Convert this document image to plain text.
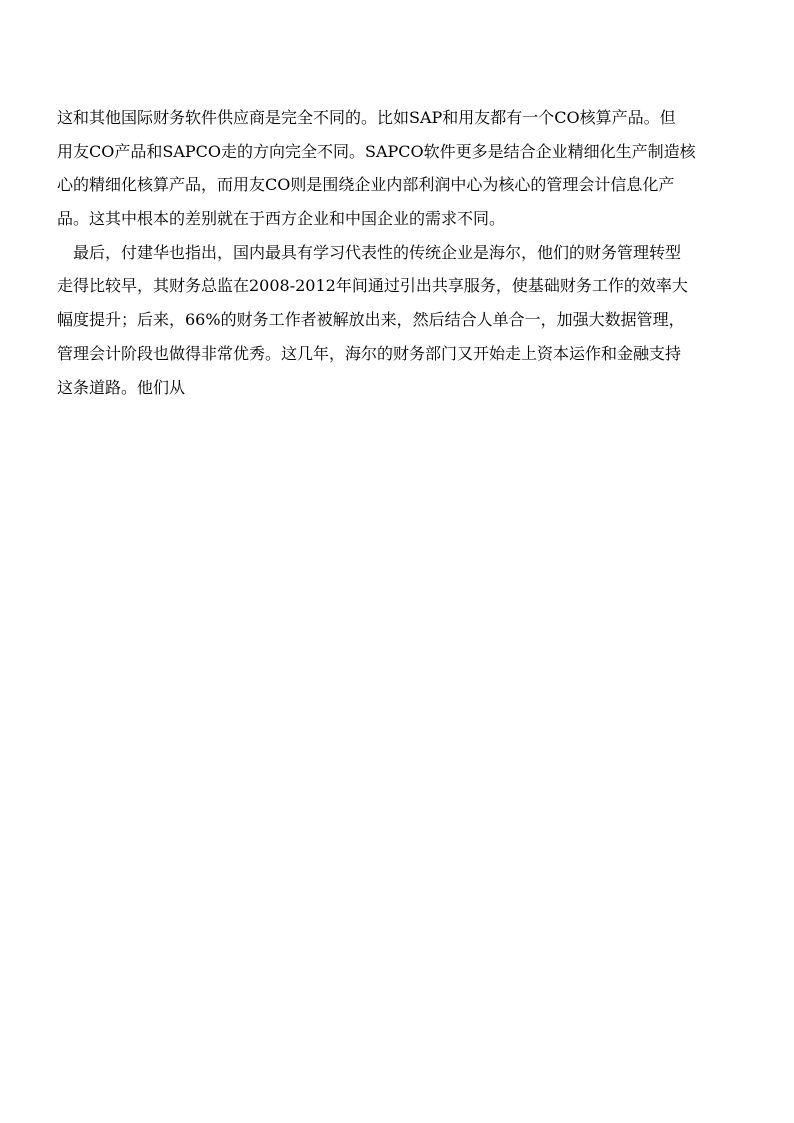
这和其他国际财务软件供应商是完全不同的。比如SAP和用友都有一个CO核算产品。但
用友CO产品和SAPCO走的方向完全不同。SAPCO软件更多是结合企业精细化生产制造核
心的精细化核算产品，而用友CO则是围绕企业内部利润中心为核心的管理会计信息化产
品。这其中根本的差别就在于西方企业和中国企业的需求不同。
最后，付建华也指出，国内最具有学习代表性的传统企业是海尔，他们的财务管理转型
走得比较早，其财务总监在2008-2012年间通过引出共享服务，使基础财务工作的效率大
幅度提升；后来，66%的财务工作者被解放出来，然后结合人单合一，加强大数据管理，
管理会计阶段也做得非常优秀。这几年，海尔的财务部门又开始走上资本运作和金融支持
这条道路。他们从
